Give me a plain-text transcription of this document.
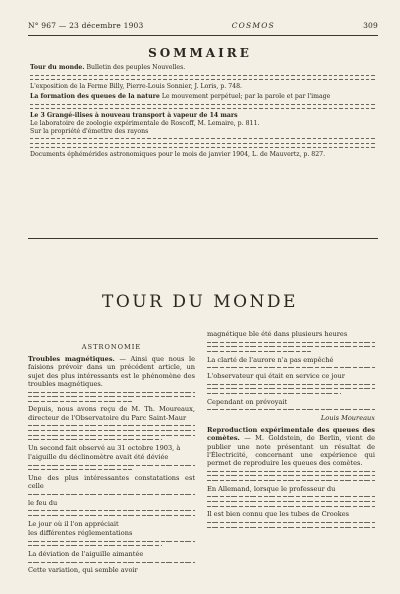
N° 967 — 23 décembre 1903	COSMOS	309
SOMMAIRE

Tour du monde. Bulletin des peuples Nouvelles.

L'exposition de la Ferme Billy, Pierre-Louis Sonnier, J. Loris, p. 748.

La formation des queues de la nature Le mouvement perpétuel; par la parole et par l'image

Le 3 Grangé-ilises à nouveau transport à vapeur de 14 mars

Le laboratoire de zoologie expérimentale de Roscoff, M. Lemaire, p. 811.

Sur la propriété d'émettre des rayons

Documents éphémérides astronomiques pour le mois de janvier 1904, L. de Mauvertz, p. 827.

TOUR DU MONDE
ASTRONOMIE

Troubles magnétiques. — Ainsi que nous le faisions prévoir dans un précédent article, un sujet des plus intéressants est le phénomène des troubles magnétiques.

Depuis, nous avons reçu de M. Th. Moureaux, directeur de l'Observatoire du Parc Saint-Maur

Un second fait observé au 31 octobre 1903, à

l'aiguille du déclinomètre avait été déviée

Une des plus intéressantes constatations est celle

le feu du

Le jour où il l'on appréciait

les différentes réglementations

La déviation de l'aiguille aimantée

Cette variation, qui semble avoir

magnétique ble été dans plusieurs heures

La clarté de l'aurore n'a pas empêché

L'observateur qui était en service ce jour

Cependant on prévoyait

Louis Moureaux

Reproduction expérimentale des queues des comètes. — M. Goldstein, de Berlin, vient de publier une note présentant un résultat de l'Électricité, concernant une expérience qui permet de reproduire les queues des comètes.

En Allemand, lorsque le professeur du

Il est bien connu que les tubes de Crookes
